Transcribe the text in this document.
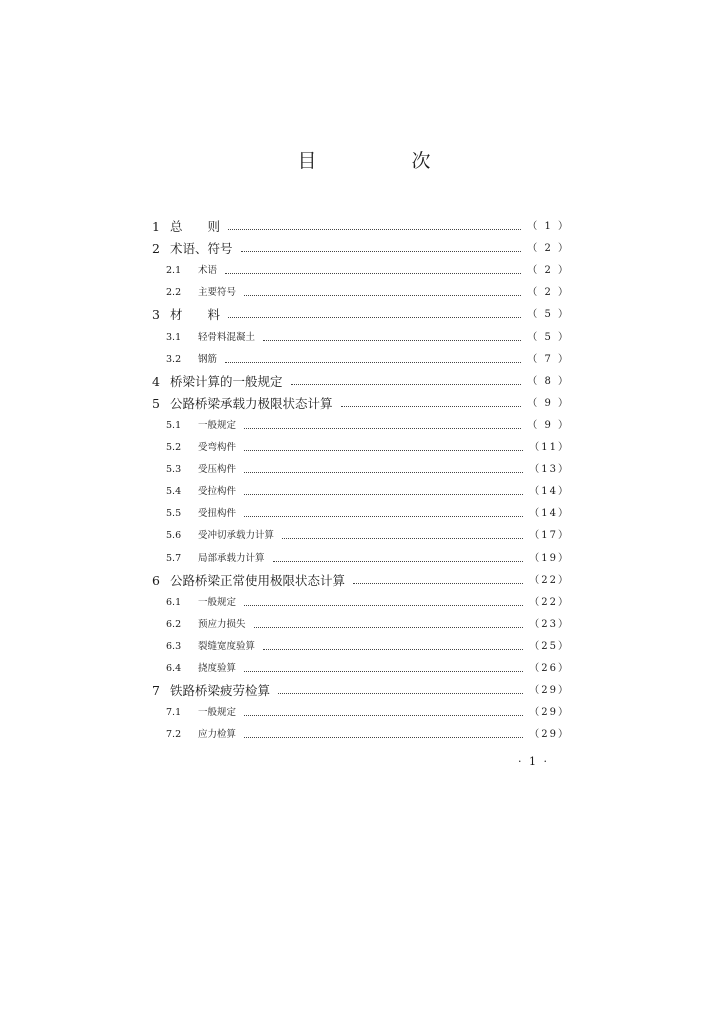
目　次
1 总　　则	（ 1 ）
2 术语、符号	（ 2 ）
2.1	术语	（ 2 ）
2.2	主要符号	（ 2 ）
3 材　　料	（ 5 ）
3.1	轻骨料混凝土	（ 5 ）
3.2	钢筋	（ 7 ）
4 桥梁计算的一般规定	（ 8 ）
5 公路桥梁承载力极限状态计算	（ 9 ）
5.1	一般规定	（ 9 ）
5.2	受弯构件	（11）
5.3	受压构件	（13）
5.4	受拉构件	（14）
5.5	受扭构件	（14）
5.6	受冲切承载力计算	（17）
5.7	局部承载力计算	（19）
6 公路桥梁正常使用极限状态计算	（22）
6.1	一般规定	（22）
6.2	预应力损失	（23）
6.3	裂缝宽度验算	（25）
6.4	挠度验算	（26）
7 铁路桥梁疲劳检算	（29）
7.1	一般规定	（29）
7.2	应力检算	（29）
· 1 ·
